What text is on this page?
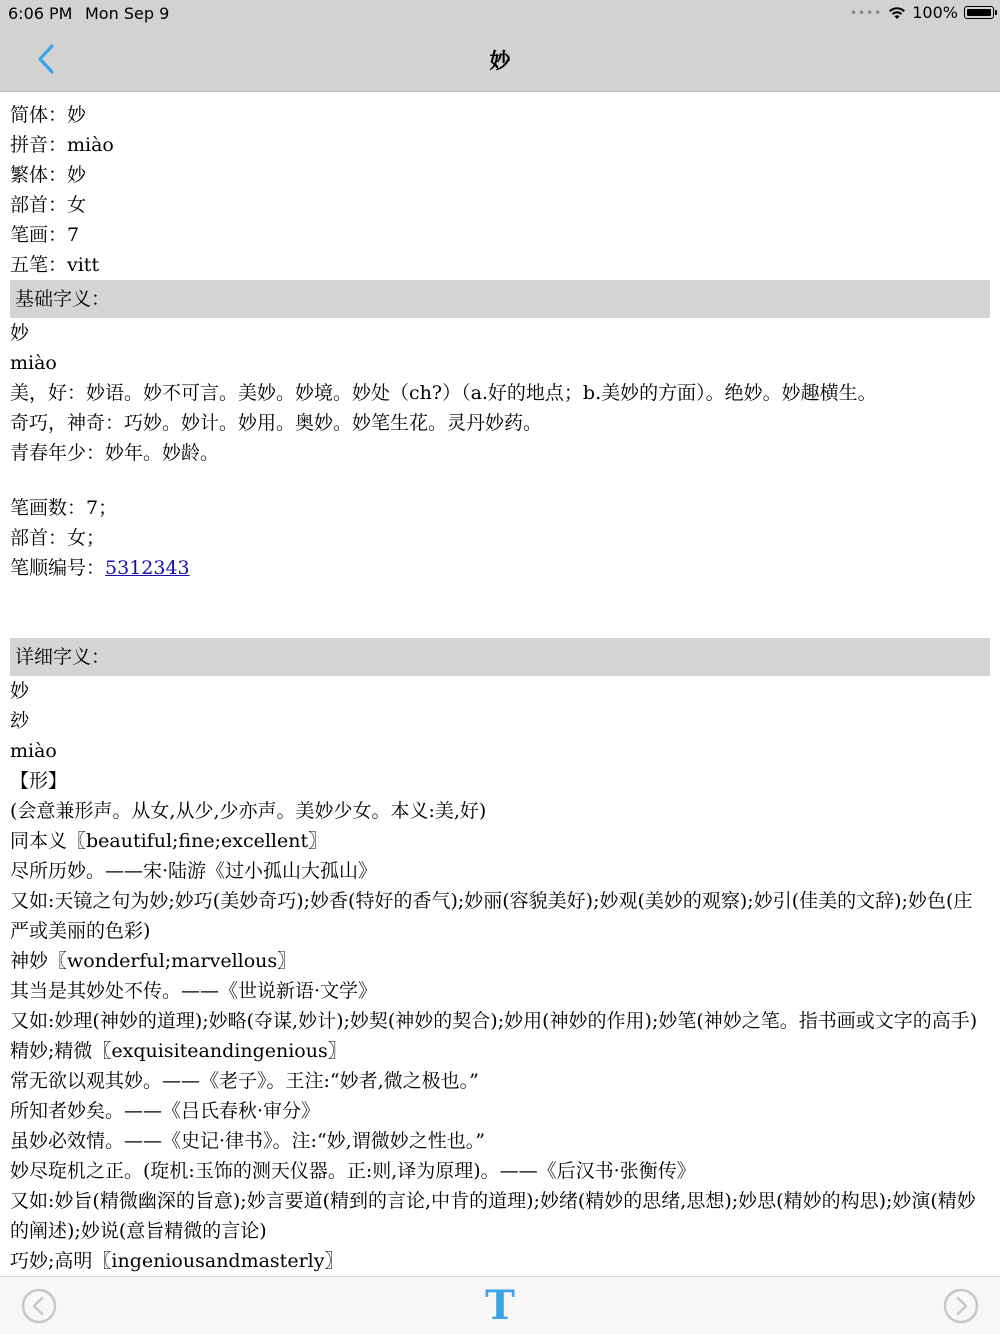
6:06 PM Mon Sep 9	•••• 100%
妙
简体：妙
拼音：miào
繁体：妙
部首：女
笔画：7
五笔：vitt
基础字义：
妙
miào
美，好：妙语。妙不可言。美妙。妙境。妙处（ch?）（a.好的地点；b.美妙的方面）。绝妙。妙趣横生。
奇巧，神奇：巧妙。妙计。妙用。奥妙。妙笔生花。灵丹妙药。
青春年少：妙年。妙龄。
笔画数：7；
部首：女；
笔顺编号：5312343
详细字义：
妙
玅
miào
【形】
(会意兼形声。从女,从少,少亦声。美妙少女。本义:美,好)
同本义〖beautiful;fine;excellent〗
尽所历妙。——宋·陆游《过小孤山大孤山》
又如:天镜之句为妙;妙巧(美妙奇巧);妙香(特好的香气);妙丽(容貌美好);妙观(美妙的观察);妙引(佳美的文辞);妙色(庄严或美丽的色彩)
神妙〖wonderful;marvellous〗
其当是其妙处不传。——《世说新语·文学》
又如:妙理(神妙的道理);妙略(夺谋,妙计);妙契(神妙的契合);妙用(神妙的作用);妙笔(神妙之笔。指书画或文字的高手)
精妙;精微〖exquisiteandingenious〗
常无欲以观其妙。——《老子》。王注:“妙者,微之极也。”
所知者妙矣。——《吕氏春秋·审分》
虽妙必效情。——《史记·律书》。注:“妙,谓微妙之性也。”
妙尽琁机之正。(琁机:玉饰的测天仪器。正:则,译为原理)。——《后汉书·张衡传》
又如:妙旨(精微幽深的旨意);妙言要道(精到的言论,中肯的道理);妙绪(精妙的思绪,思想);妙思(精妙的构思);妙演(精妙的阐述);妙说(意旨精微的言论)
巧妙;高明〖ingeniousandmasterly〗
T
